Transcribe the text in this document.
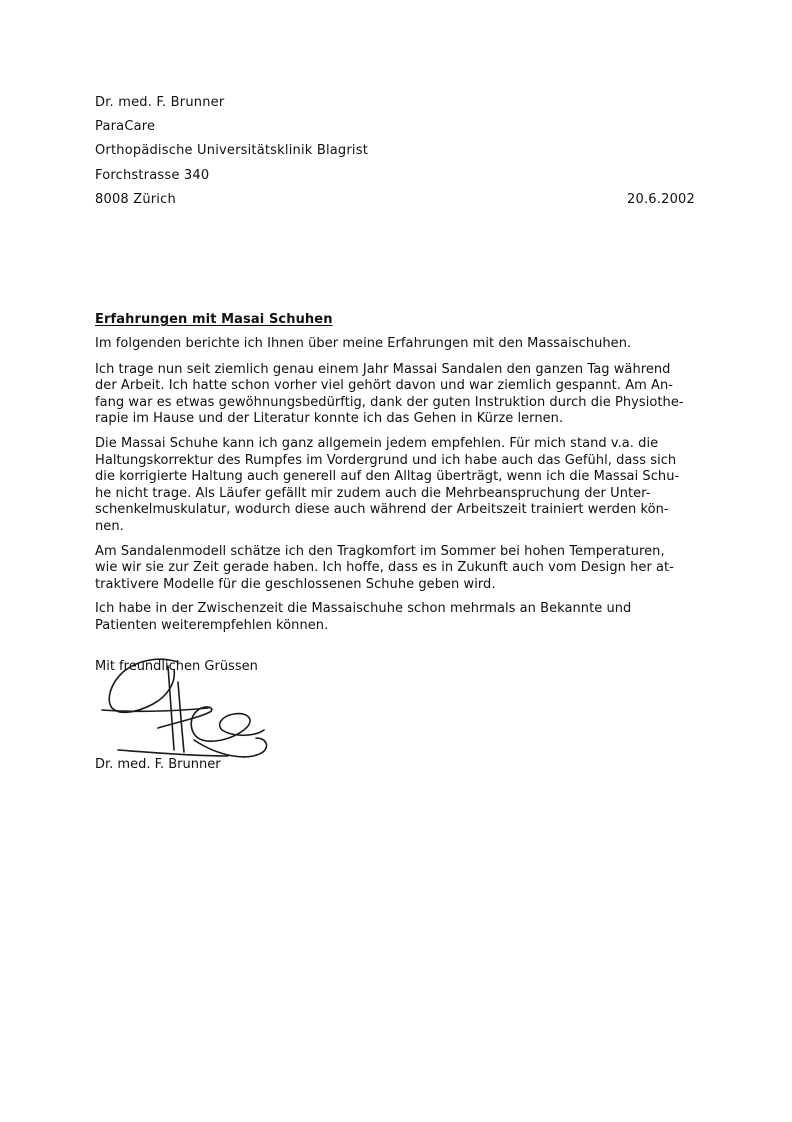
Dr. med. F. Brunner
ParaCare
Orthopädische Universitätsklinik Blagrist
Forchstrasse 340
8008 Zürich	20.6.2002
Erfahrungen mit Masai Schuhen

Im folgenden berichte ich Ihnen über meine Erfahrungen mit den Massaischuhen.

Ich trage nun seit ziemlich genau einem Jahr Massai Sandalen den ganzen Tag während
der Arbeit. Ich hatte schon vorher viel gehört davon und war ziemlich gespannt. Am An-
fang war es etwas gewöhnungsbedürftig, dank der guten Instruktion durch die Physiothe-
rapie im Hause und der Literatur konnte ich das Gehen in Kürze lernen.

Die Massai Schuhe kann ich ganz allgemein jedem empfehlen. Für mich stand v.a. die
Haltungskorrektur des Rumpfes im Vordergrund und ich habe auch das Gefühl, dass sich
die korrigierte Haltung auch generell auf den Alltag überträgt, wenn ich die Massai Schu-
he nicht trage. Als Läufer gefällt mir zudem auch die Mehrbeanspruchung der Unter-
schenkelmuskulatur, wodurch diese auch während der Arbeitszeit trainiert werden kön-
nen.

Am Sandalenmodell schätze ich den Tragkomfort im Sommer bei hohen Temperaturen,
wie wir sie zur Zeit gerade haben. Ich hoffe, dass es in Zukunft auch vom Design her at-
traktivere Modelle für die geschlossenen Schuhe geben wird.

Ich habe in der Zwischenzeit die Massaischuhe schon mehrmals an Bekannte und
Patienten weiterempfehlen können.

Mit freundlichen Grüssen
Dr. med. F. Brunner
